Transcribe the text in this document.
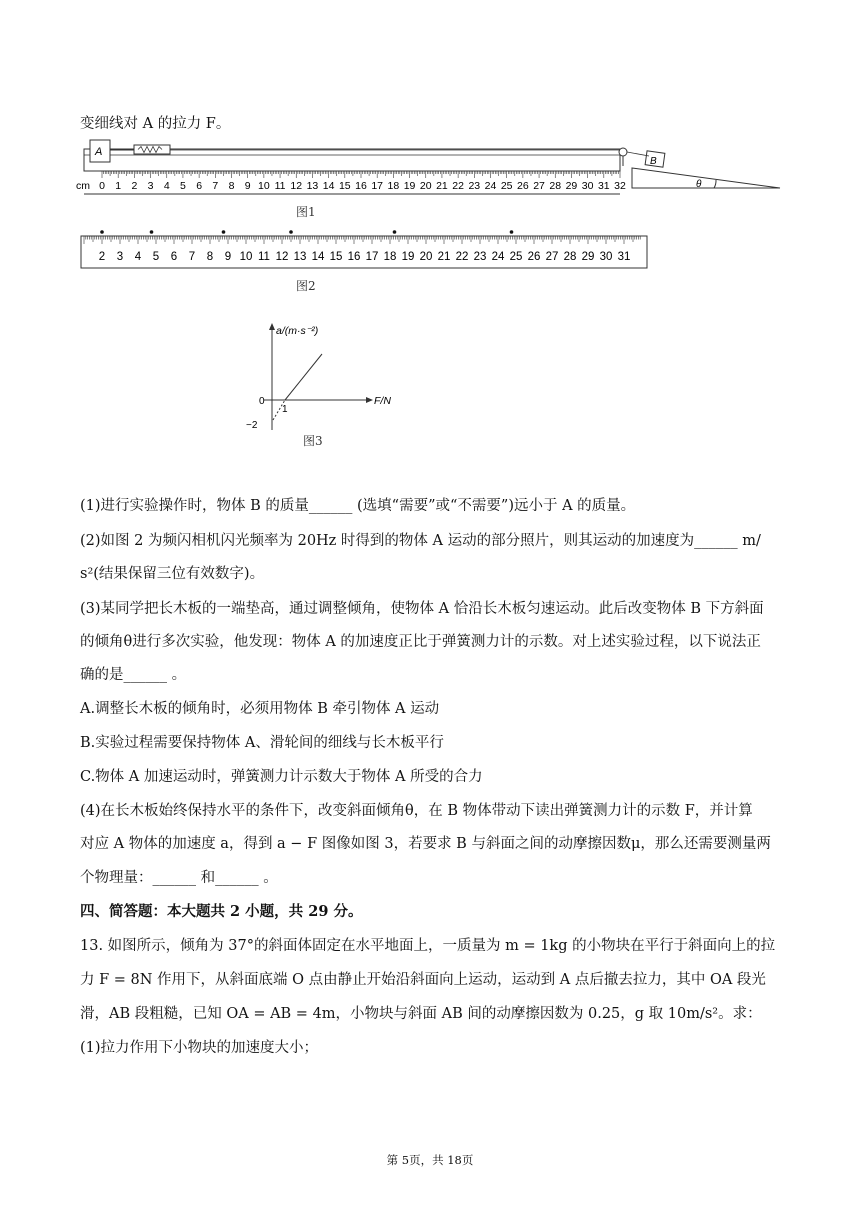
变细线对 A 的拉力 F。
A
B
θ
cm 0 1 2 3 4 5 6 7 8 9 10 11 12 13 14 15 16 17 18 19 20 21 22 23 24 25 26 27 28 29 30 31 32
图1
2 3 4 5 6 7 8 9 10 11 12 13 14 15 16 17 18 19 20 21 22 23 24 25 26 27 28 29 30 31
图2
a/(m·s⁻²)
F/N
0
1
−2
图3
(1)进行实验操作时，物体 B 的质量______ (选填“需要”或“不需要”)远小于 A 的质量。
(2)如图 2 为频闪相机闪光频率为 20Hz 时得到的物体 A 运动的部分照片，则其运动的加速度为______ m/
s²(结果保留三位有效数字)。
(3)某同学把长木板的一端垫高，通过调整倾角，使物体 A 恰沿长木板匀速运动。此后改变物体 B 下方斜面
的倾角θ进行多次实验，他发现：物体 A 的加速度正比于弹簧测力计的示数。对上述实验过程，以下说法正
确的是______ 。
A.调整长木板的倾角时，必须用物体 B 牵引物体 A 运动
B.实验过程需要保持物体 A、滑轮间的细线与长木板平行
C.物体 A 加速运动时，弹簧测力计示数大于物体 A 所受的合力
(4)在长木板始终保持水平的条件下，改变斜面倾角θ，在 B 物体带动下读出弹簧测力计的示数 F，并计算
对应 A 物体的加速度 a，得到 a − F 图像如图 3，若要求 B 与斜面之间的动摩擦因数μ，那么还需要测量两
个物理量：______ 和______ 。
四、简答题：本大题共 2 小题，共 29 分。
13. 如图所示，倾角为 37°的斜面体固定在水平地面上，一质量为 m = 1kg 的小物块在平行于斜面向上的拉
力 F = 8N 作用下，从斜面底端 O 点由静止开始沿斜面向上运动，运动到 A 点后撤去拉力，其中 OA 段光
滑，AB 段粗糙，已知 OA = AB = 4m，小物块与斜面 AB 间的动摩擦因数为 0.25，g 取 10m/s²。求：
(1)拉力作用下小物块的加速度大小；
第 5页，共 18页
